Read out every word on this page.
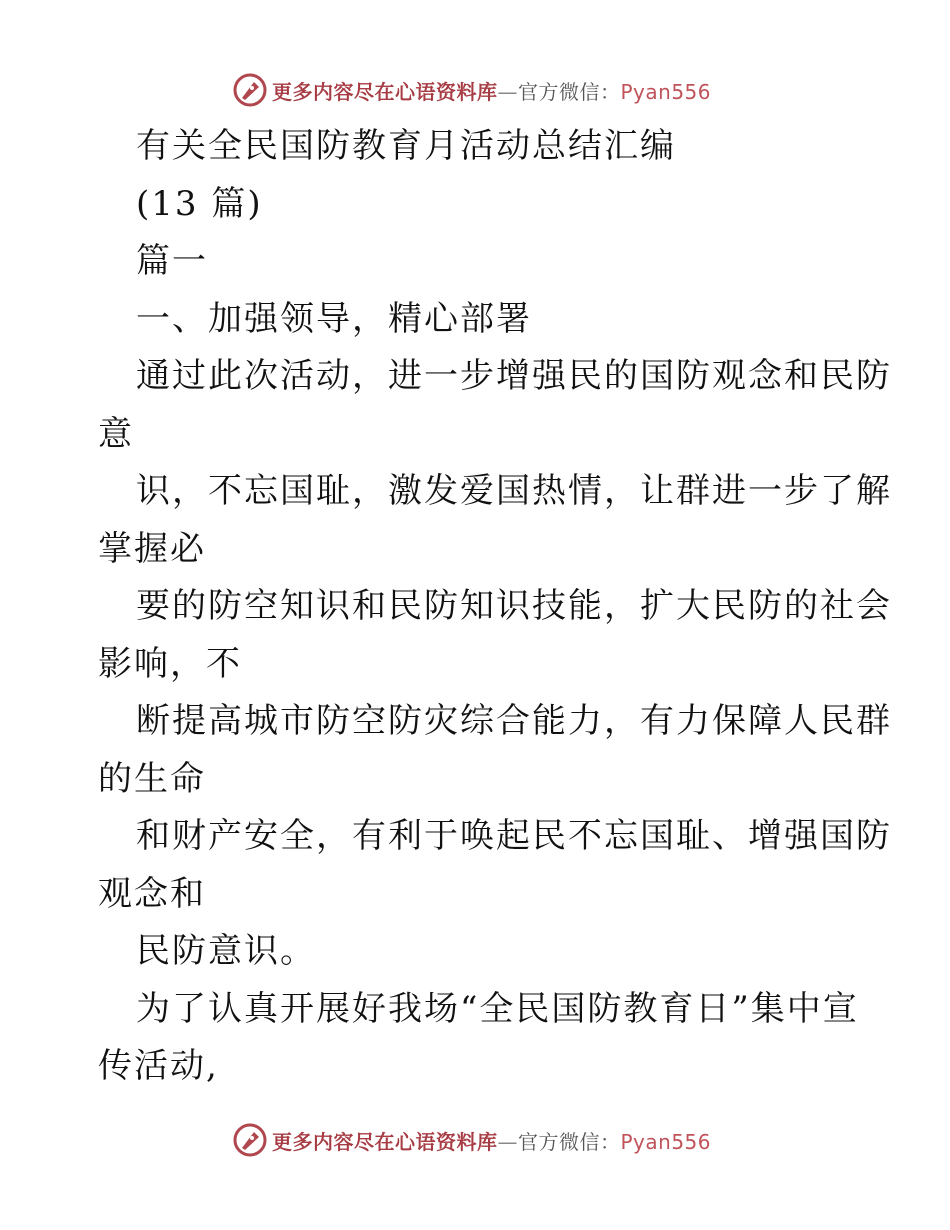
更多内容尽在心语资料库—官方微信：Pyan556
有关全民国防教育月活动总结汇编
(13 篇)
篇一
一、加强领导，精心部署
通过此次活动，进一步增强民的国防观念和民防
意
识，不忘国耻，激发爱国热情，让群进一步了解
掌握必
要的防空知识和民防知识技能，扩大民防的社会
影响，不
断提高城市防空防灾综合能力，有力保障人民群
的生命
和财产安全，有利于唤起民不忘国耻、增强国防
观念和
民防意识。
为了认真开展好我场“全民国防教育日”集中宣
传活动,
更多内容尽在心语资料库—官方微信：Pyan556
